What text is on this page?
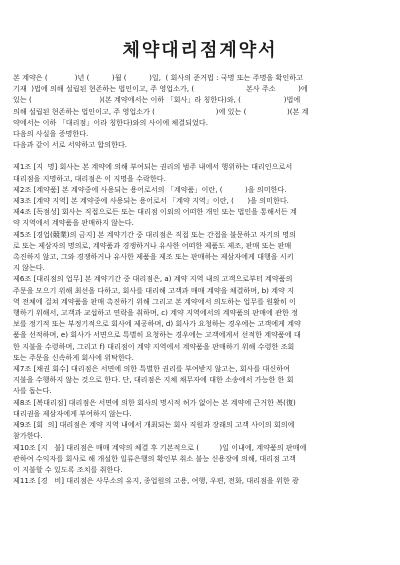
체약대리점계약서

본 계약은 (            )년 (          )월 (          )일,  ( 회사의 준거법 : 국명 또는 주명을 확인하고

기재  )법에 의해 설립된 현존하는 법인이고, 주 영업소가, (                       본사 주소          )에

있는 (                              )(본 계약에서는 이하 「회사」라 칭한다)와, (                   )법에

의해 설립된 현존하는 법인이고, 주 영업소가 (                           )에 있는 (                  )(본 계

약에서는 이하 「대리점」이라 칭한다)와의 사이에 체결되었다.

다음의 사실을 증명한다.

다음과 같이 서로 서약하고 합의한다.

제1조 [지  명] 회사는 본 계약에 의해 부여되는 권리의 범주 내에서 행위하는 대리인으로서

대리점을 지명하고, 대리점은 이 지명을 수락한다.

제2조 [계약품] 본 계약중에 사용되는 용어로서의 「계약품」이란, (          )을 의미한다.

제3조 [계약 지역] 본 계약중에 사용되는 용어로서 「계약 지역」이란, (      )을 의미한다.

제4조 [독점성] 회사는 직접으로든 또는 대리점 이외의 어떠한 개인 또는 법인을 통해서든 계

약 지역에서 계약품을 판매하지 않는다.

제5조 [경업(競業)의 금지] 본 계약기간 중 대리점은 직접 또는 간접을 불문하고 자기의 명의

로 또는 제삼자의 명의로, 계약품과 경쟁하거나 유사한 어떠한 제품도 제조, 판매 또는 판매

촉진하지 않고, 그와 경쟁하거나 유사한 제품을 제조 또는 판매하는 제삼자에게 대행을 시키

지 않는다.

제6조 [대리점의 업무] 본 계약기간 중 대리점은, a) 계약 지역 내의 고객으로부터 계약품의

주문을 모으기 위해 최선을 다하고, 회사를 대리해 고객과 매매 계약을 체결하며, b) 계약 지

역 전체에 걸쳐 계약품을 판매 촉진하기 위해 그리고 본 계약에서 의도하는 업무를 원활히 이

행하기 위해서, 고객과 교섭하고 연락을 취하며, c) 계약 지역에서의 계약품의 판매에 관한 정

보를 정기적 또는 부정기적으로 회사에 제공하며, d) 회사가 요청하는 경우에는 고객에게 계약

품을 선적하며, e) 회사가 서면으로 특별히 요청하는 경우에는 고객에게서 선적한 계약품에 대

한 지불을 수령하며, 그리고 f) 대리점이 계약 지역에서 계약품을 판매하기 위해 수령한 조회

또는 주문을 신속하게 회사에 위탁한다.

제7조 [채권 회수] 대리점은 서면에 의한 특별한 권리를 부여받지 않고는, 회사를 대신하여

지불을 수행하지 않는 것으로 한다. 단, 대리점은 지체 채무자에 대한 소송에서 가능한 한 회

사를 돕는다.

제8조 [복대리점] 대리점은 서면에 의한 회사의 명시적 허가 없이는 본 계약에 근거한 복(復)

대리권을 제삼자에게 부여하지 않는다.

제9조 [회  의] 대리점은 계약 지역 내에서 개최되는 회사 직원과 장래의 고객 사이의 회의에

참가한다.

제10조 [지   불] 대리점은 매매 계약의 체결 후 기본적으로 (         )일 이내에, 계약품의 판매에

관하여 수익자를 회사로 해 개설한 일류은행의 확인부 취소 불능 신용장에 의해, 대리점 고객

이 지불할 수 있도록 조치를 취한다.

제11조 [경   비] 대리점은 사무소의 유지, 종업원의 고용, 여행, 우편, 전화, 대리점을 위한 광
